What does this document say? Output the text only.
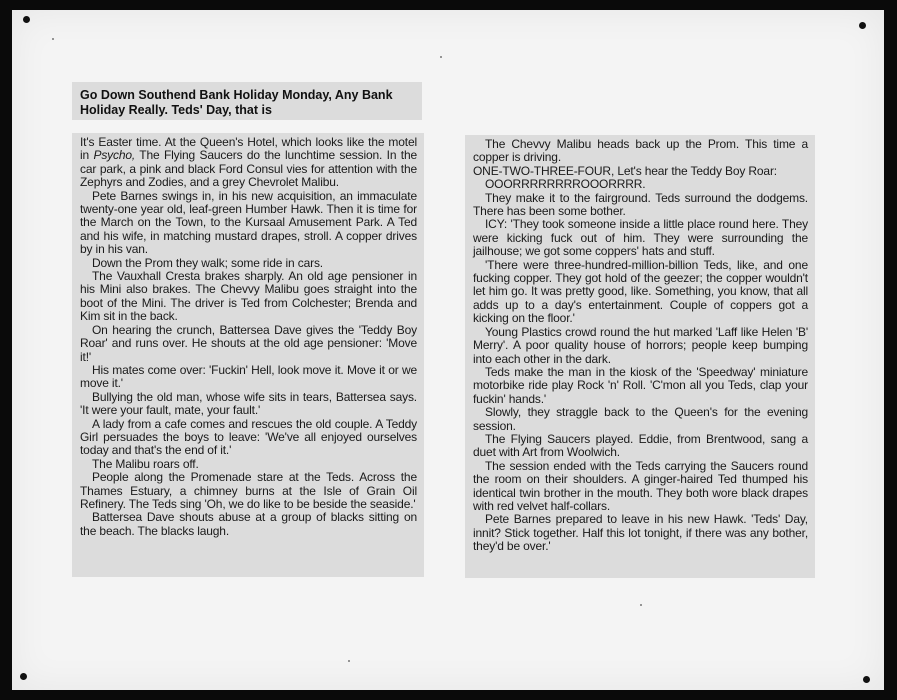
Go Down Southend Bank Holiday Monday, Any Bank Holiday Really. Teds' Day, that is

It's Easter time. At the Queen's Hotel, which looks like the motel in Psycho, The Flying Saucers do the lunchtime session. In the car park, a pink and black Ford Consul vies for attention with the Zephyrs and Zodies, and a grey Chevrolet Malibu.

Pete Barnes swings in, in his new acquisition, an immaculate twenty-one year old, leaf-green Humber Hawk. Then it is time for the March on the Town, to the Kursaal Amusement Park. A Ted and his wife, in matching mustard drapes, stroll. A copper drives by in his van.

Down the Prom they walk; some ride in cars.

The Vauxhall Cresta brakes sharply. An old age pensioner in his Mini also brakes. The Chevvy Malibu goes straight into the boot of the Mini. The driver is Ted from Colchester; Brenda and Kim sit in the back.

On hearing the crunch, Battersea Dave gives the 'Teddy Boy Roar' and runs over. He shouts at the old age pensioner: 'Move it!'

His mates come over: 'Fuckin' Hell, look move it. Move it or we move it.'

Bullying the old man, whose wife sits in tears, Battersea says. 'It were your fault, mate, your fault.'

A lady from a cafe comes and rescues the old couple. A Teddy Girl persuades the boys to leave: 'We've all enjoyed ourselves today and that's the end of it.'

The Malibu roars off.

People along the Promenade stare at the Teds. Across the Thames Estuary, a chimney burns at the Isle of Grain Oil Refinery. The Teds sing 'Oh, we do like to be beside the seaside.'

Battersea Dave shouts abuse at a group of blacks sitting on the beach. The blacks laugh.

The Chevvy Malibu heads back up the Prom. This time a copper is driving.

ONE-TWO-THREE-FOUR, Let's hear the Teddy Boy Roar:

OOORRRRRRRROOORRRR.

They make it to the fairground. Teds surround the dodgems. There has been some bother.

ICY: 'They took someone inside a little place round here. They were kicking fuck out of him. They were surrounding the jailhouse; we got some coppers' hats and stuff.

'There were three-hundred-million-billion Teds, like, and one fucking copper. They got hold of the geezer; the copper wouldn't let him go. It was pretty good, like. Something, you know, that all adds up to a day's entertainment. Couple of coppers got a kicking on the floor.'

Young Plastics crowd round the hut marked 'Laff like Helen 'B' Merry'. A poor quality house of horrors; people keep bumping into each other in the dark.

Teds make the man in the kiosk of the 'Speedway' miniature motorbike ride play Rock 'n' Roll. 'C'mon all you Teds, clap your fuckin' hands.'

Slowly, they straggle back to the Queen's for the evening session.

The Flying Saucers played. Eddie, from Brentwood, sang a duet with Art from Woolwich.

The session ended with the Teds carrying the Saucers round the room on their shoulders. A ginger-haired Ted thumped his identical twin brother in the mouth. They both wore black drapes with red velvet half-collars.

Pete Barnes prepared to leave in his new Hawk. 'Teds' Day, innit? Stick together. Half this lot tonight, if there was any bother, they'd be over.'
